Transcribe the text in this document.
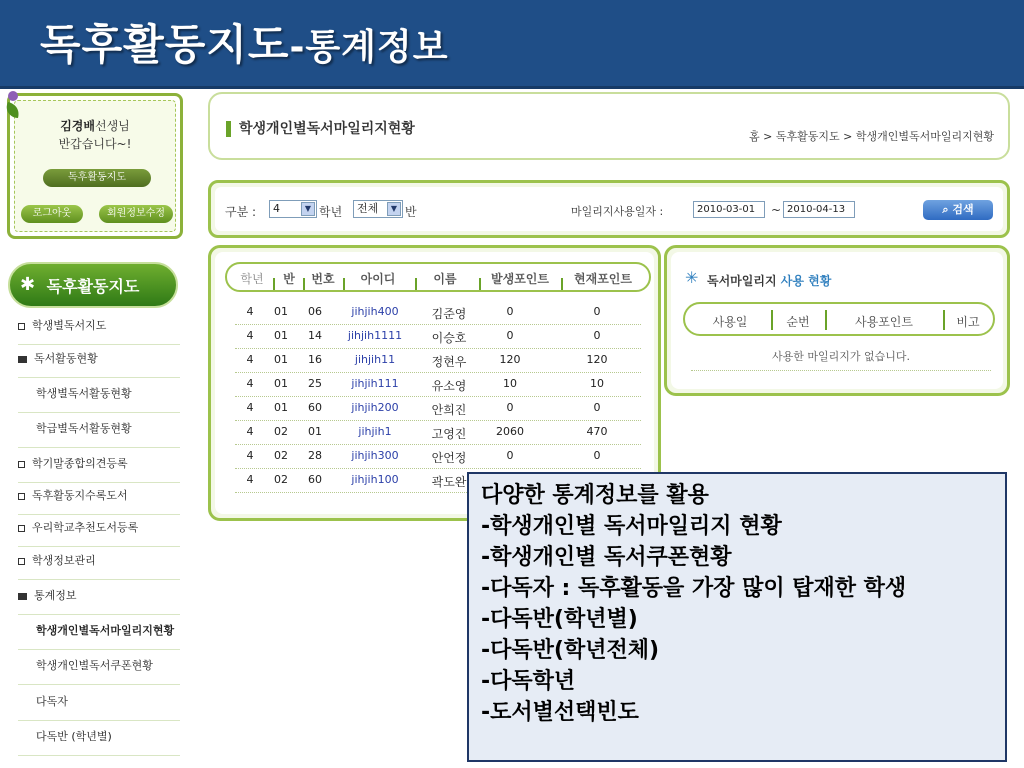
독후활동지도-통계정보
김경배선생님
반갑습니다~!
독후활동지도
로그아웃	회원정보수정
✱ 독후활동지도
학생별독서지도
독서활동현황
학생별독서활동현황
학급별독서활동현황
학기말종합의견등록
독후활동지수록도서
우리학교추천도서등록
학생정보관리
통계정보
학생개인별독서마일리지현황
학생개인별독서쿠폰현황
다독자
다독반 (학년별)
학생개인별독서마일리지현황	홈 > 독후활동지도 > 학생개인별독서마일리지현황
구분 :	4	▼ 학년	전체	▼ 반	마일리지사용일자 :	2010-03-01	~ 2010-04-13	⌕ 검색
학년	반	번호	아이디	이름	발생포인트	현재포인트
4	01	06	jihjih400	김준영	0	0
4	01	14	jihjih1111	이승호	0	0
4	01	16	jihjih11	정현우	120	120
4	01	25	jihjih111	유소영	10	10
4	01	60	jihjih200	안희진	0	0
4	02	01	jihjih1	고영진	2060	470
4	02	28	jihjih300	안언정	0	0
4	02	60	jihjih100	곽도완
✳ 독서마일리지 사용 현황
사용일	순번	사용포인트	비고
사용한 마일리지가 없습니다.
다양한 통계정보를 활용
-학생개인별 독서마일리지 현황
-학생개인별 독서쿠폰현황
-다독자 : 독후활동을 가장 많이 탑재한 학생
-다독반(학년별)
-다독반(학년전체)
-다독학년
-도서별선택빈도
